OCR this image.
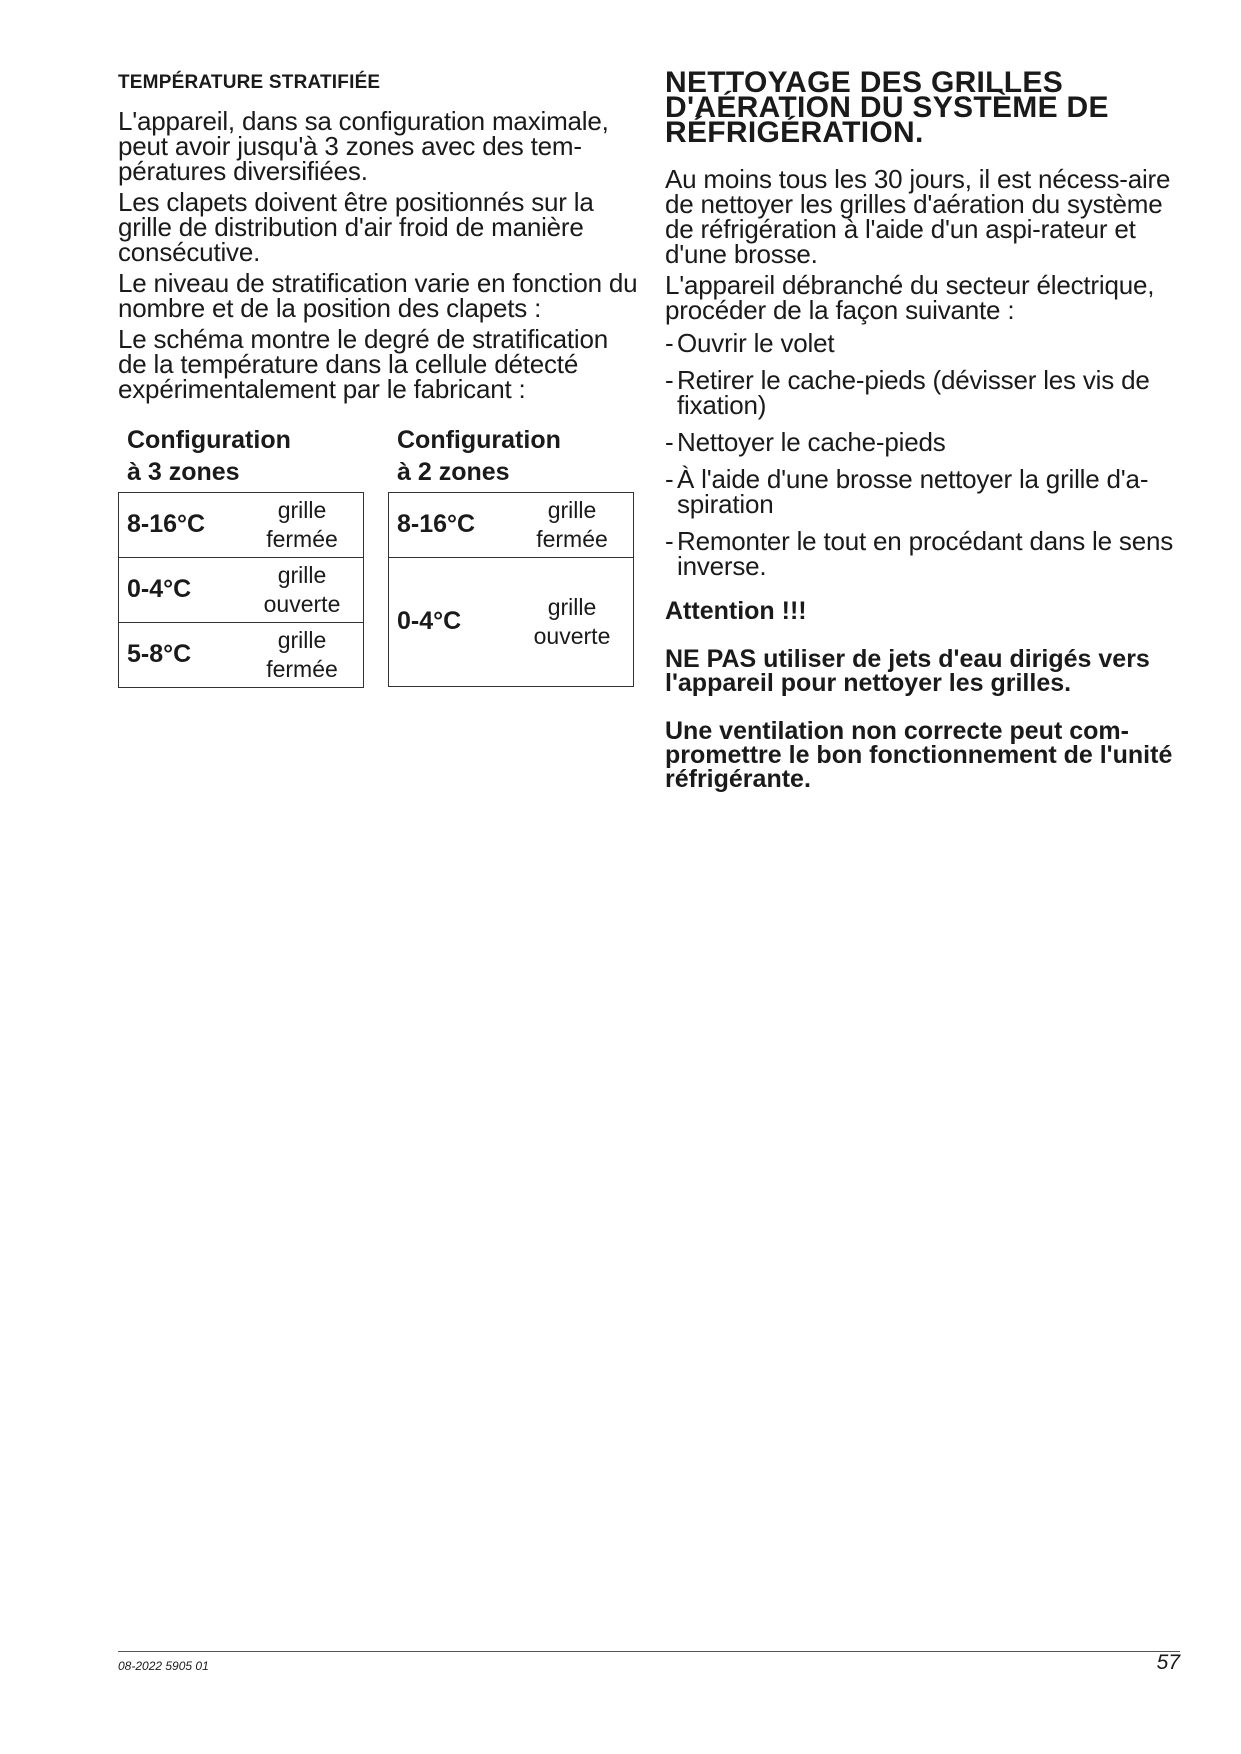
TEMPÉRATURE STRATIFIÉE

L'appareil, dans sa configuration maximale, peut avoir jusqu'à 3 zones avec des tem-pératures diversifiées.

Les clapets doivent être positionnés sur la grille de distribution d'air froid de manière consécutive.

Le niveau de stratification varie en fonction du nombre et de la position des clapets :

Le schéma montre le degré de stratification de la température dans la cellule détecté expérimentalement par le fabricant :

Configuration
à 3 zones
8-16°C
grille
fermée
0-4°C
grille
ouverte
5-8°C
grille
fermée
Configuration
à 2 zones
8-16°C
grille
fermée
0-4°C
grille
ouverte
NETTOYAGE DES GRILLES
D'AÉRATION DU SYSTÈME DE
RÉFRIGÉRATION.

Au moins tous les 30 jours, il est nécess-aire de nettoyer les grilles d'aération du système de réfrigération à l'aide d'un aspi-rateur et d'une brosse.

L'appareil débranché du secteur électrique, procéder de la façon suivante :

- Ouvrir le volet
- Retirer le cache-pieds (dévisser les vis de fixation)
- Nettoyer le cache-pieds
- À l'aide d'une brosse nettoyer la grille d'a-spiration
- Remonter le tout en procédant dans le sens inverse.

Attention !!!

NE PAS utiliser de jets d'eau dirigés vers l'appareil pour nettoyer les grilles.

Une ventilation non correcte peut com-promettre le bon fonctionnement de l'unité réfrigérante.

08-2022 5905 01	57
